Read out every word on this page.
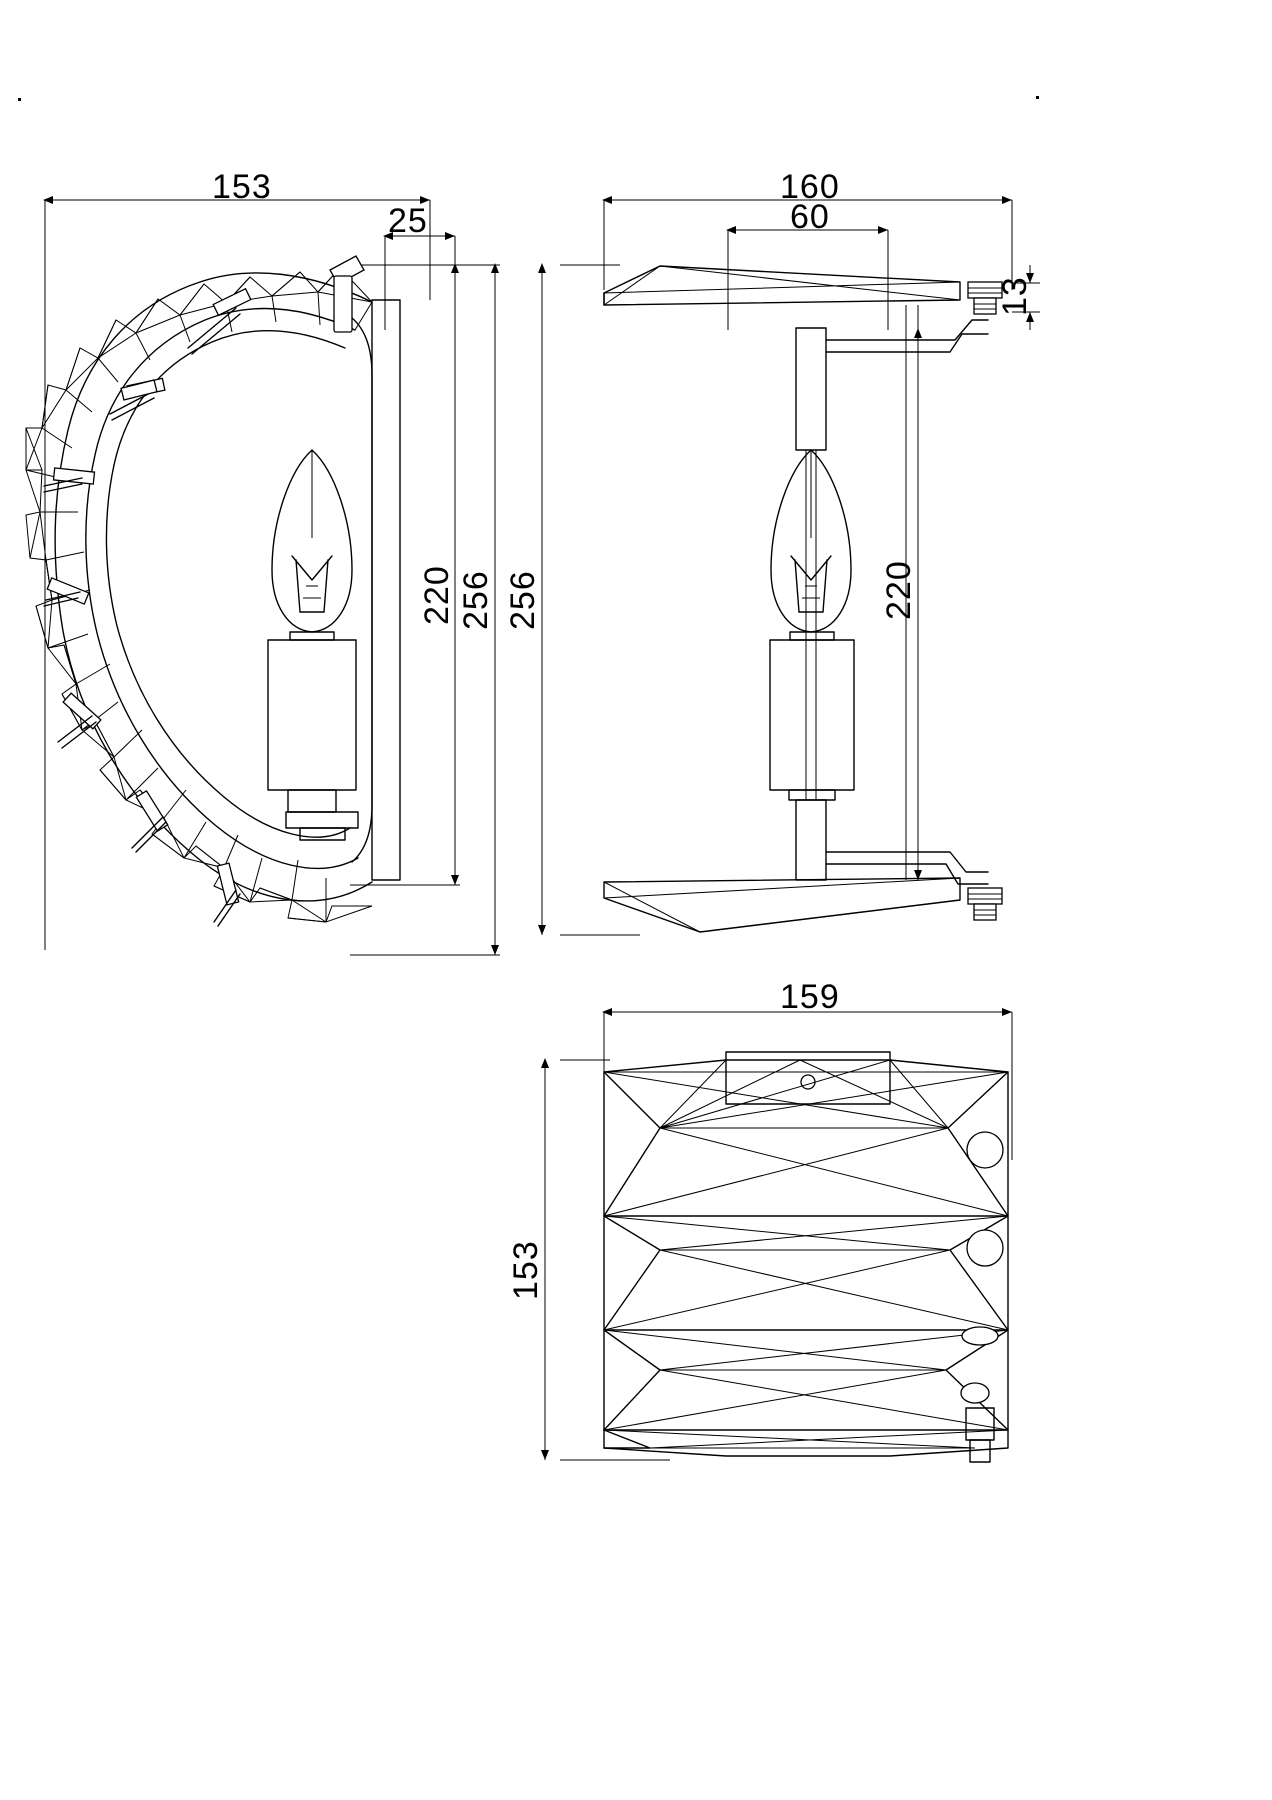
153
25
256
220
160
60
13
256	220
159
153
